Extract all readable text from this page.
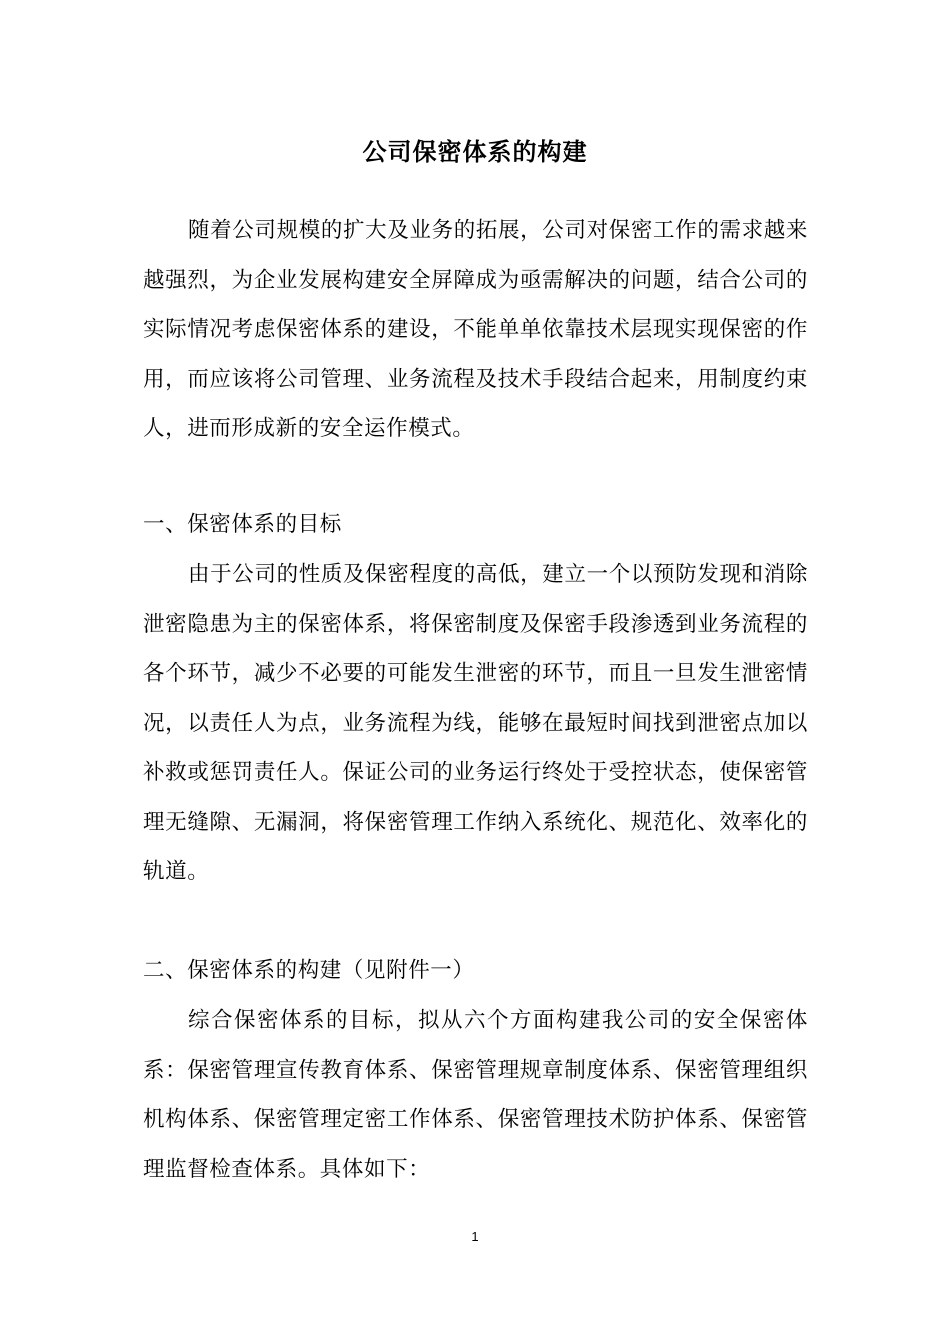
公司保密体系的构建

随着公司规模的扩大及业务的拓展，公司对保密工作的需求越来越强烈，为企业发展构建安全屏障成为亟需解决的问题，结合公司的实际情况考虑保密体系的建设，不能单单依靠技术层现实现保密的作用，而应该将公司管理、业务流程及技术手段结合起来，用制度约束人，进而形成新的安全运作模式。

一、保密体系的目标

由于公司的性质及保密程度的高低，建立一个以预防发现和消除泄密隐患为主的保密体系，将保密制度及保密手段渗透到业务流程的各个环节，减少不必要的可能发生泄密的环节，而且一旦发生泄密情况，以责任人为点，业务流程为线，能够在最短时间找到泄密点加以补救或惩罚责任人。保证公司的业务运行终处于受控状态，使保密管理无缝隙、无漏洞，将保密管理工作纳入系统化、规范化、效率化的轨道。

二、保密体系的构建（见附件一）

综合保密体系的目标，拟从六个方面构建我公司的安全保密体系：保密管理宣传教育体系、保密管理规章制度体系、保密管理组织机构体系、保密管理定密工作体系、保密管理技术防护体系、保密管理监督检查体系。具体如下：

1
